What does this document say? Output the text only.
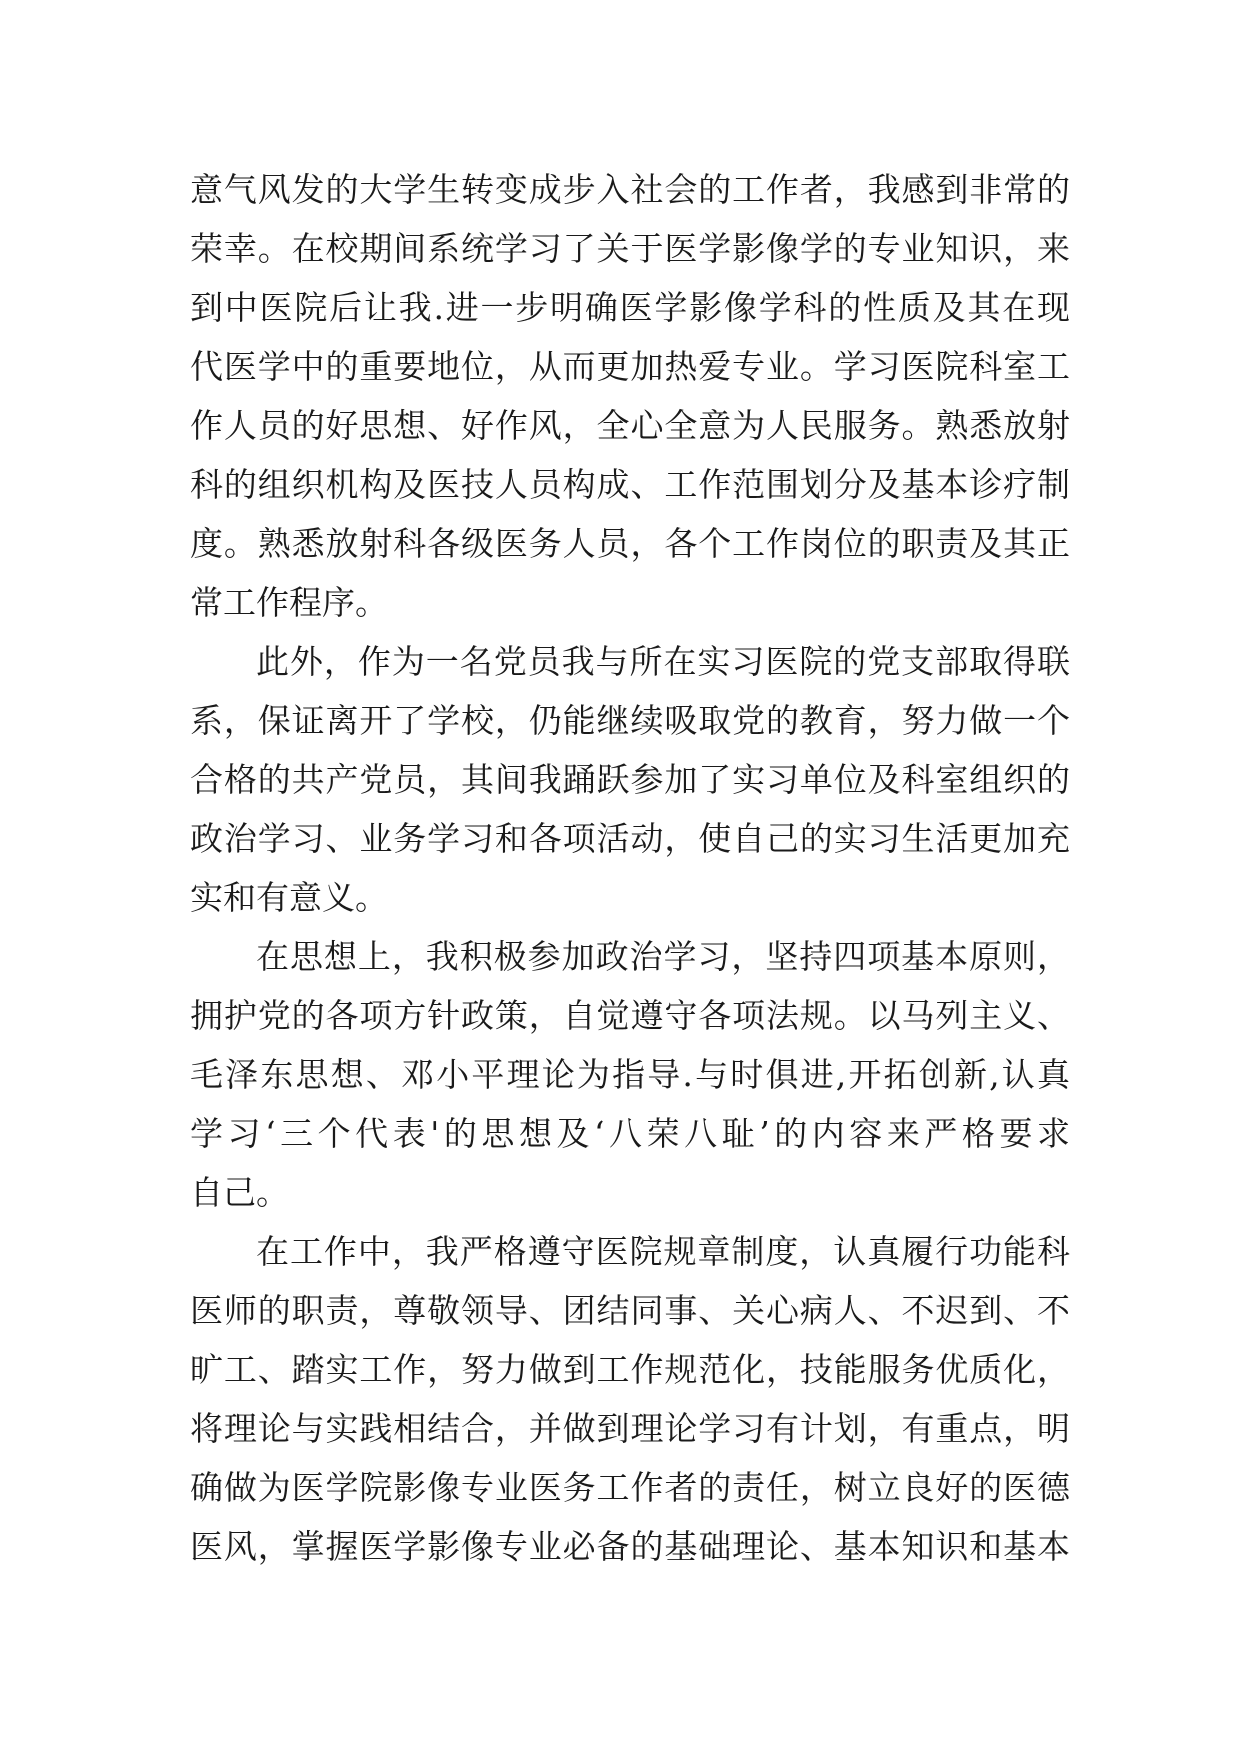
意气风发的大学生转变成步入社会的工作者，我感到非常的
荣幸。在校期间系统学习了关于医学影像学的专业知识，来
到中医院后让我.进一步明确医学影像学科的性质及其在现
代医学中的重要地位，从而更加热爱专业。学习医院科室工
作人员的好思想、好作风，全心全意为人民服务。熟悉放射
科的组织机构及医技人员构成、工作范围划分及基本诊疗制
度。熟悉放射科各级医务人员，各个工作岗位的职责及其正
常工作程序。
此外，作为一名党员我与所在实习医院的党支部取得联
系，保证离开了学校，仍能继续吸取党的教育，努力做一个
合格的共产党员，其间我踊跃参加了实习单位及科室组织的
政治学习、业务学习和各项活动，使自己的实习生活更加充
实和有意义。
在思想上，我积极参加政治学习，坚持四项基本原则，
拥护党的各项方针政策，自觉遵守各项法规。以马列主义、
毛泽东思想、邓小平理论为指导.与时俱进,开拓创新,认真
学习‘三个代表'的思想及‘八荣八耻’的内容来严格要求
自己。
在工作中，我严格遵守医院规章制度，认真履行功能科
医师的职责，尊敬领导、团结同事、关心病人、不迟到、不
旷工、踏实工作，努力做到工作规范化，技能服务优质化，
将理论与实践相结合，并做到理论学习有计划，有重点，明
确做为医学院影像专业医务工作者的责任，树立良好的医德
医风，掌握医学影像专业必备的基础理论、基本知识和基本
